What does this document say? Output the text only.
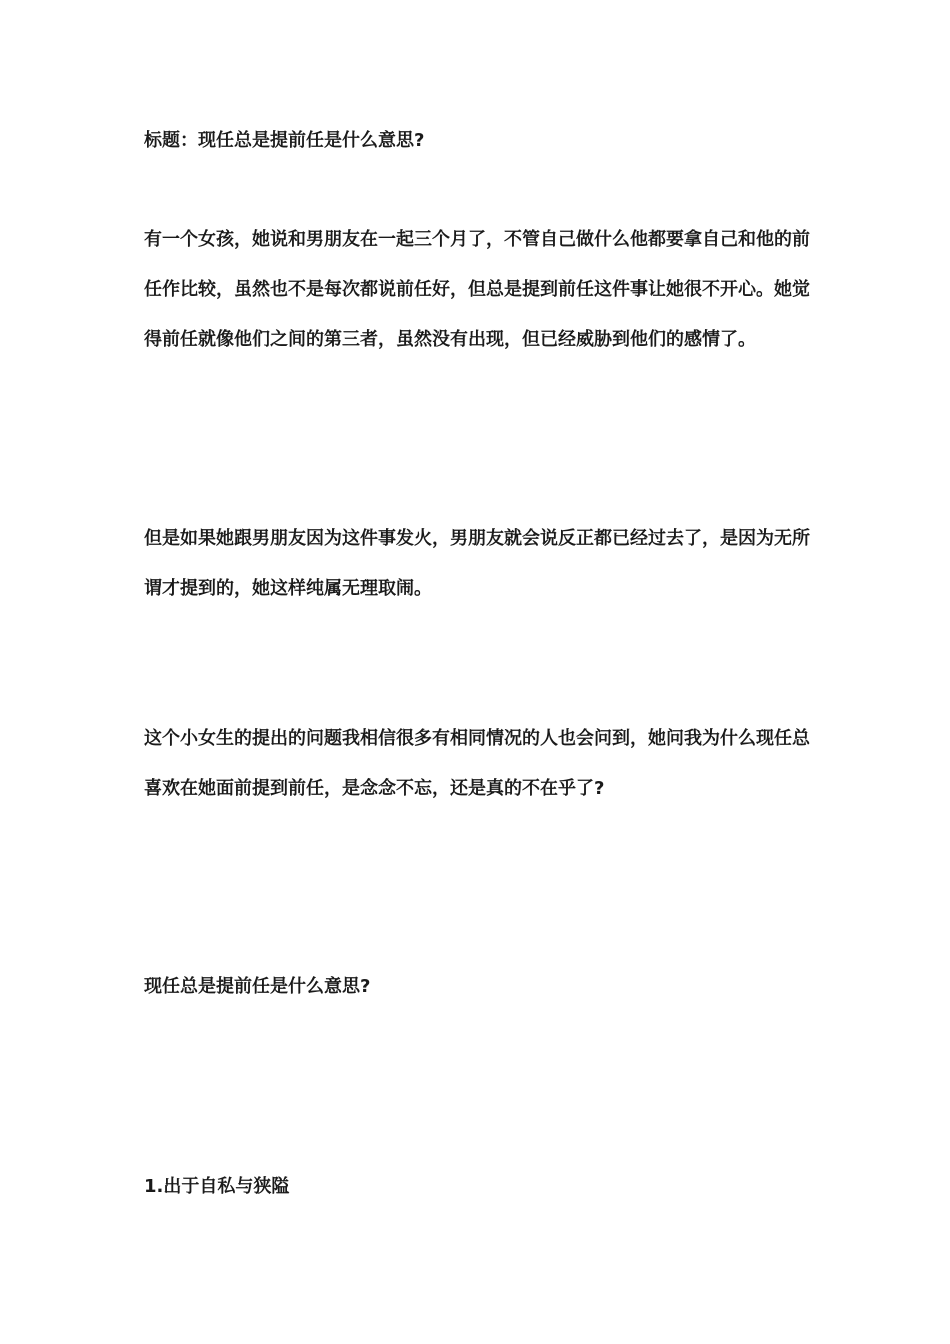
标题：现任总是提前任是什么意思?

有一个女孩，她说和男朋友在一起三个月了，不管自己做什么他都要拿自己和他的前任作比较，虽然也不是每次都说前任好，但总是提到前任这件事让她很不开心。她觉得前任就像他们之间的第三者，虽然没有出现，但已经威胁到他们的感情了。

但是如果她跟男朋友因为这件事发火，男朋友就会说反正都已经过去了，是因为无所谓才提到的，她这样纯属无理取闹。

这个小女生的提出的问题我相信很多有相同情况的人也会问到，她问我为什么现任总喜欢在她面前提到前任，是念念不忘，还是真的不在乎了?

现任总是提前任是什么意思?

1.出于自私与狭隘
